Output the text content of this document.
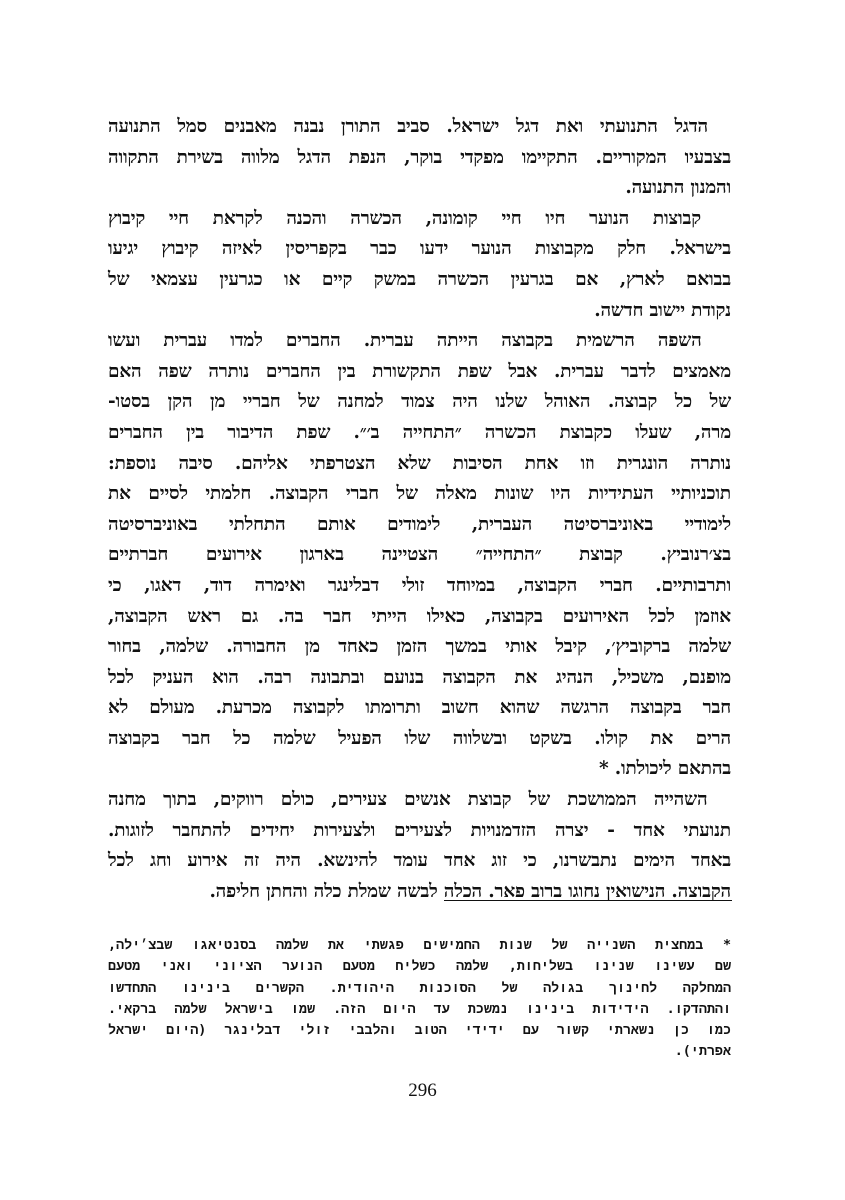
הדגל התנועתי ואת דגל ישראל. סביב התורן נבנה מאבנים סמל התנועה
בצבעיו המקוריים. התקיימו מפקדי בוקר, הנפת הדגל מלווה בשירת התקווה
והמנון התנועה.
קבוצות הנוער חיו חיי קומונה, הכשרה והכנה לקראת חיי קיבוץ
בישראל. חלק מקבוצות הנוער ידעו כבר בקפריסין לאיזה קיבוץ יגיעו
בבואם לארץ, אם בגרעין הכשרה במשק קיים או כגרעין עצמאי של
נקודת יישוב חדשה.
השפה הרשמית בקבוצה הייתה עברית. החברים למדו עברית ועשו
מאמצים לדבר עברית. אבל שפת התקשורת בין החברים נותרה שפה האם
של כל קבוצה. האוהל שלנו היה צמוד למחנה של חבריי מן הקן בסטו-
מרה, שעלו כקבוצת הכשרה ״התחייה ב׳״. שפת הדיבור בין החברים
נותרה הונגרית וזו אחת הסיבות שלא הצטרפתי אליהם. סיבה נוספת:
תוכניותיי העתידיות היו שונות מאלה של חברי הקבוצה. חלמתי לסיים את
לימודיי באוניברסיטה העברית, לימודים אותם התחלתי באוניברסיטה
בצ׳רנוביץ. קבוצת ״התחייה״ הצטיינה בארגון אירועים חברתיים
ותרבותיים. חברי הקבוצה, במיוחד זולי דבלינגר ואימרה דוד, דאגו, כי
אוזמן לכל האירועים בקבוצה, כאילו הייתי חבר בה. גם ראש הקבוצה,
שלמה ברקוביץ׳, קיבל אותי במשך הזמן כאחד מן החבורה. שלמה, בחור
מופנם, משכיל, הנהיג את הקבוצה בנועם ובתבונה רבה. הוא העניק לכל
חבר בקבוצה הרגשה שהוא חשוב ותרומתו לקבוצה מכרעת. מעולם לא
הרים את קולו. בשקט ובשלווה שלו הפעיל שלמה כל חבר בקבוצה
בהתאם ליכולתו. *
השהייה הממושכת של קבוצת אנשים צעירים, כולם רווקים, בתוך מחנה
תנועתי אחד - יצרה הזדמנויות לצעירים ולצעירות יחידים להתחבר לזוגות.
באחד הימים נתבשרנו, כי זוג אחד עומד להינשא. היה זה אירוע וחג לכל
הקבוצה. הנישואין נחוגו ברוב פאר. הכלה לבשה שמלת כלה והחתן חליפה.
* במחצית השנייה של שנות החמישים פגשתי את שלמה בסנטיאגו שבצ׳ילה,
שם עשינו שנינו בשליחות, שלמה כשליח מטעם הנוער הציוני ואני מטעם
המחלקה לחינוך בגולה של הסוכנות היהודית. הקשרים בינינו התחדשו
והתהדקו. הידידות בינינו נמשכת עד היום הזה. שמו בישראל שלמה ברקאי.
כמו כן נשארתי קשור עם ידידי הטוב והלבבי זולי דבלינגר (היום ישראל
אפרתי).
296
